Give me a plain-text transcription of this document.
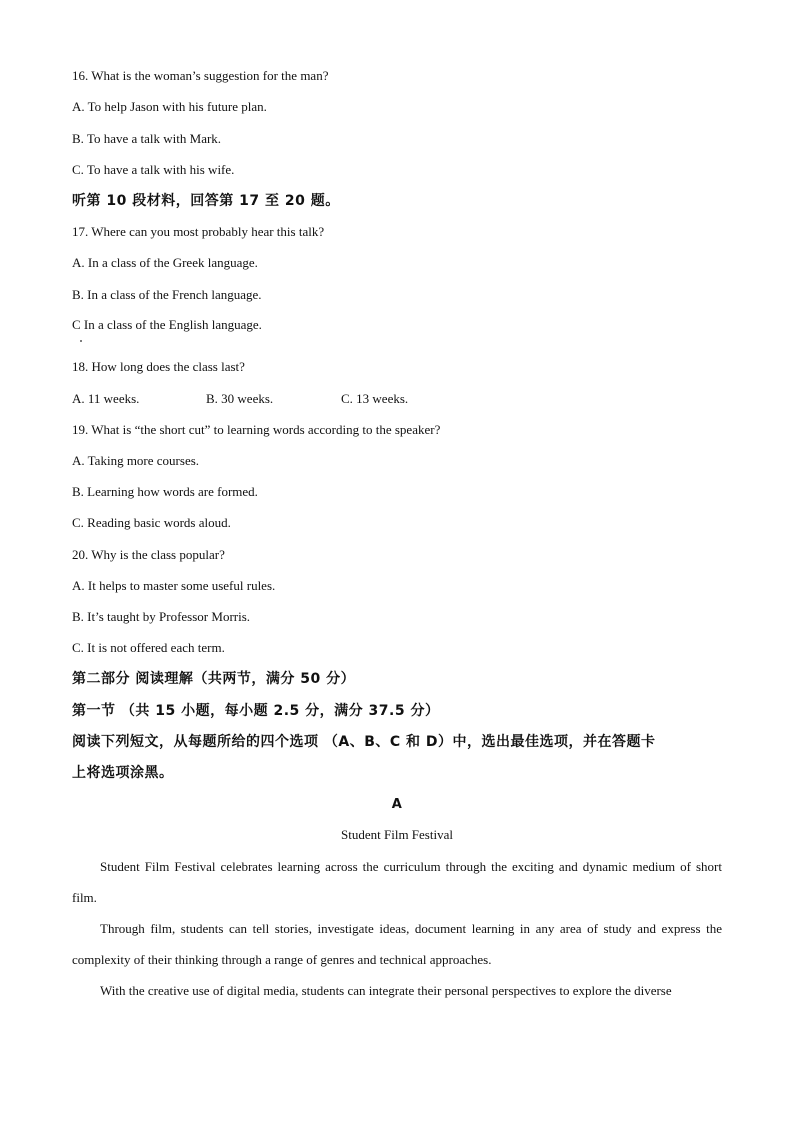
16. What is the woman’s suggestion for the man?
A. To help Jason with his future plan.
B. To have a talk with Mark.
C. To have a talk with his wife.
听第 10 段材料，回答第 17 至 20 题。
17. Where can you most probably hear this talk?
A. In a class of the Greek language.
B. In a class of the French language.
C In a class of the English language.
18. How long does the class last?
A. 11 weeks.	B. 30 weeks.	C. 13 weeks.
19. What is “the short cut” to learning words according to the speaker?
A. Taking more courses.
B. Learning how words are formed.
C. Reading basic words aloud.
20. Why is the class popular?
A. It helps to master some useful rules.
B. It’s taught by Professor Morris.
C. It is not offered each term.
第二部分 阅读理解（共两节，满分 50 分）
第一节 （共 15 小题，每小题 2.5 分，满分 37.5 分）
阅读下列短文，从每题所给的四个选项 （A、B、C 和 D）中，选出最佳选项，并在答题卡
上将选项涂黑。
A
Student Film Festival
Student Film Festival celebrates learning across the curriculum through the exciting and dynamic medium of short film.
Through film, students can tell stories, investigate ideas, document learning in any area of study and express the complexity of their thinking through a range of genres and technical approaches.
With the creative use of digital media, students can integrate their personal perspectives to explore the diverse
